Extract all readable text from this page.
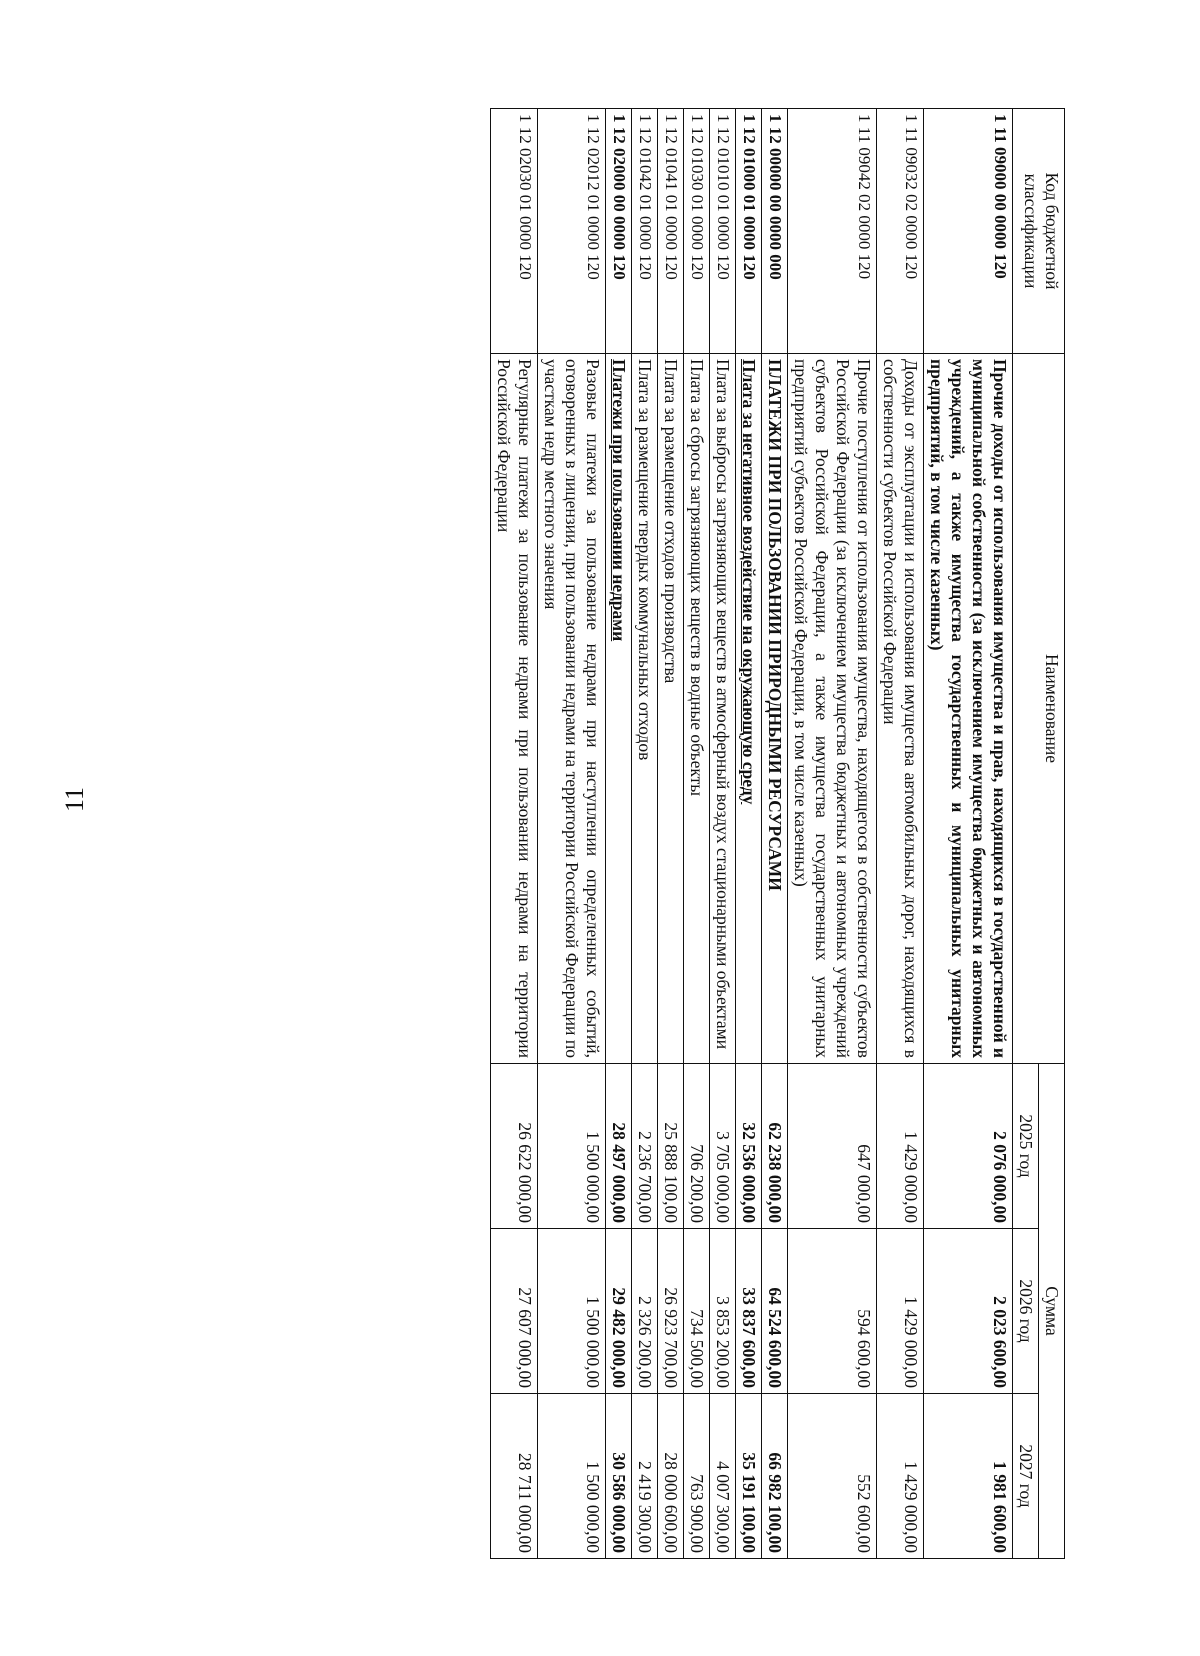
11
Код бюджетной классификации	Наименование	Сумма		
		2025 год	2026 год	2027 год
1 11 09000 00 0000 120	Прочие доходы от использования имущества и прав, находящихся в государственной и муниципальной собственности (за исключением имущества бюджетных и автономных учреждений, а также имущества государственных и муниципальных унитарных предприятий, в том числе казенных)	2 076 000,00	2 023 600,00	1 981 600,00
1 11 09032 02 0000 120	Доходы от эксплуатации и использования имущества автомобильных дорог, находящихся в собственности субъектов Российской Федерации	1 429 000,00	1 429 000,00	1 429 000,00
1 11 09042 02 0000 120	Прочие поступления от использования имущества, находящегося в собственности субъектов Российской Федерации (за исключением имущества бюджетных и автономных учреждений субъектов Российской Федерации, а также имущества государственных унитарных предприятий субъектов Российской Федерации, в том числе казенных)	647 000,00	594 600,00	552 600,00
1 12 00000 00 0000 000	ПЛАТЕЖИ ПРИ ПОЛЬЗОВАНИИ ПРИРОДНЫМИ РЕСУРСАМИ	62 238 000,00	64 524 600,00	66 982 100,00
1 12 01000 01 0000 120	Плата за негативное воздействие на окружающую среду	32 536 000,00	33 837 600,00	35 191 100,00
1 12 01010 01 0000 120	Плата за выбросы загрязняющих веществ в атмосферный воздух стационарными объектами	3 705 000,00	3 853 200,00	4 007 300,00
1 12 01030 01 0000 120	Плата за сбросы загрязняющих веществ в водные объекты	706 200,00	734 500,00	763 900,00
1 12 01041 01 0000 120	Плата за размещение отходов производства	25 888 100,00	26 923 700,00	28 000 600,00
1 12 01042 01 0000 120	Плата за размещение твердых коммунальных отходов	2 236 700,00	2 326 200,00	2 419 300,00
1 12 02000 00 0000 120	Платежи при пользовании недрами	28 497 000,00	29 482 000,00	30 586 000,00
1 12 02012 01 0000 120	Разовые платежи за пользование недрами при наступлении определенных событий, оговоренных в лицензии, при пользовании недрами на территории Российской Федерации по участкам недр местного значения	1 500 000,00	1 500 000,00	1 500 000,00
1 12 02030 01 0000 120	Регулярные платежи за пользование недрами при пользовании недрами на территории Российской Федерации	26 622 000,00	27 607 000,00	28 711 000,00
